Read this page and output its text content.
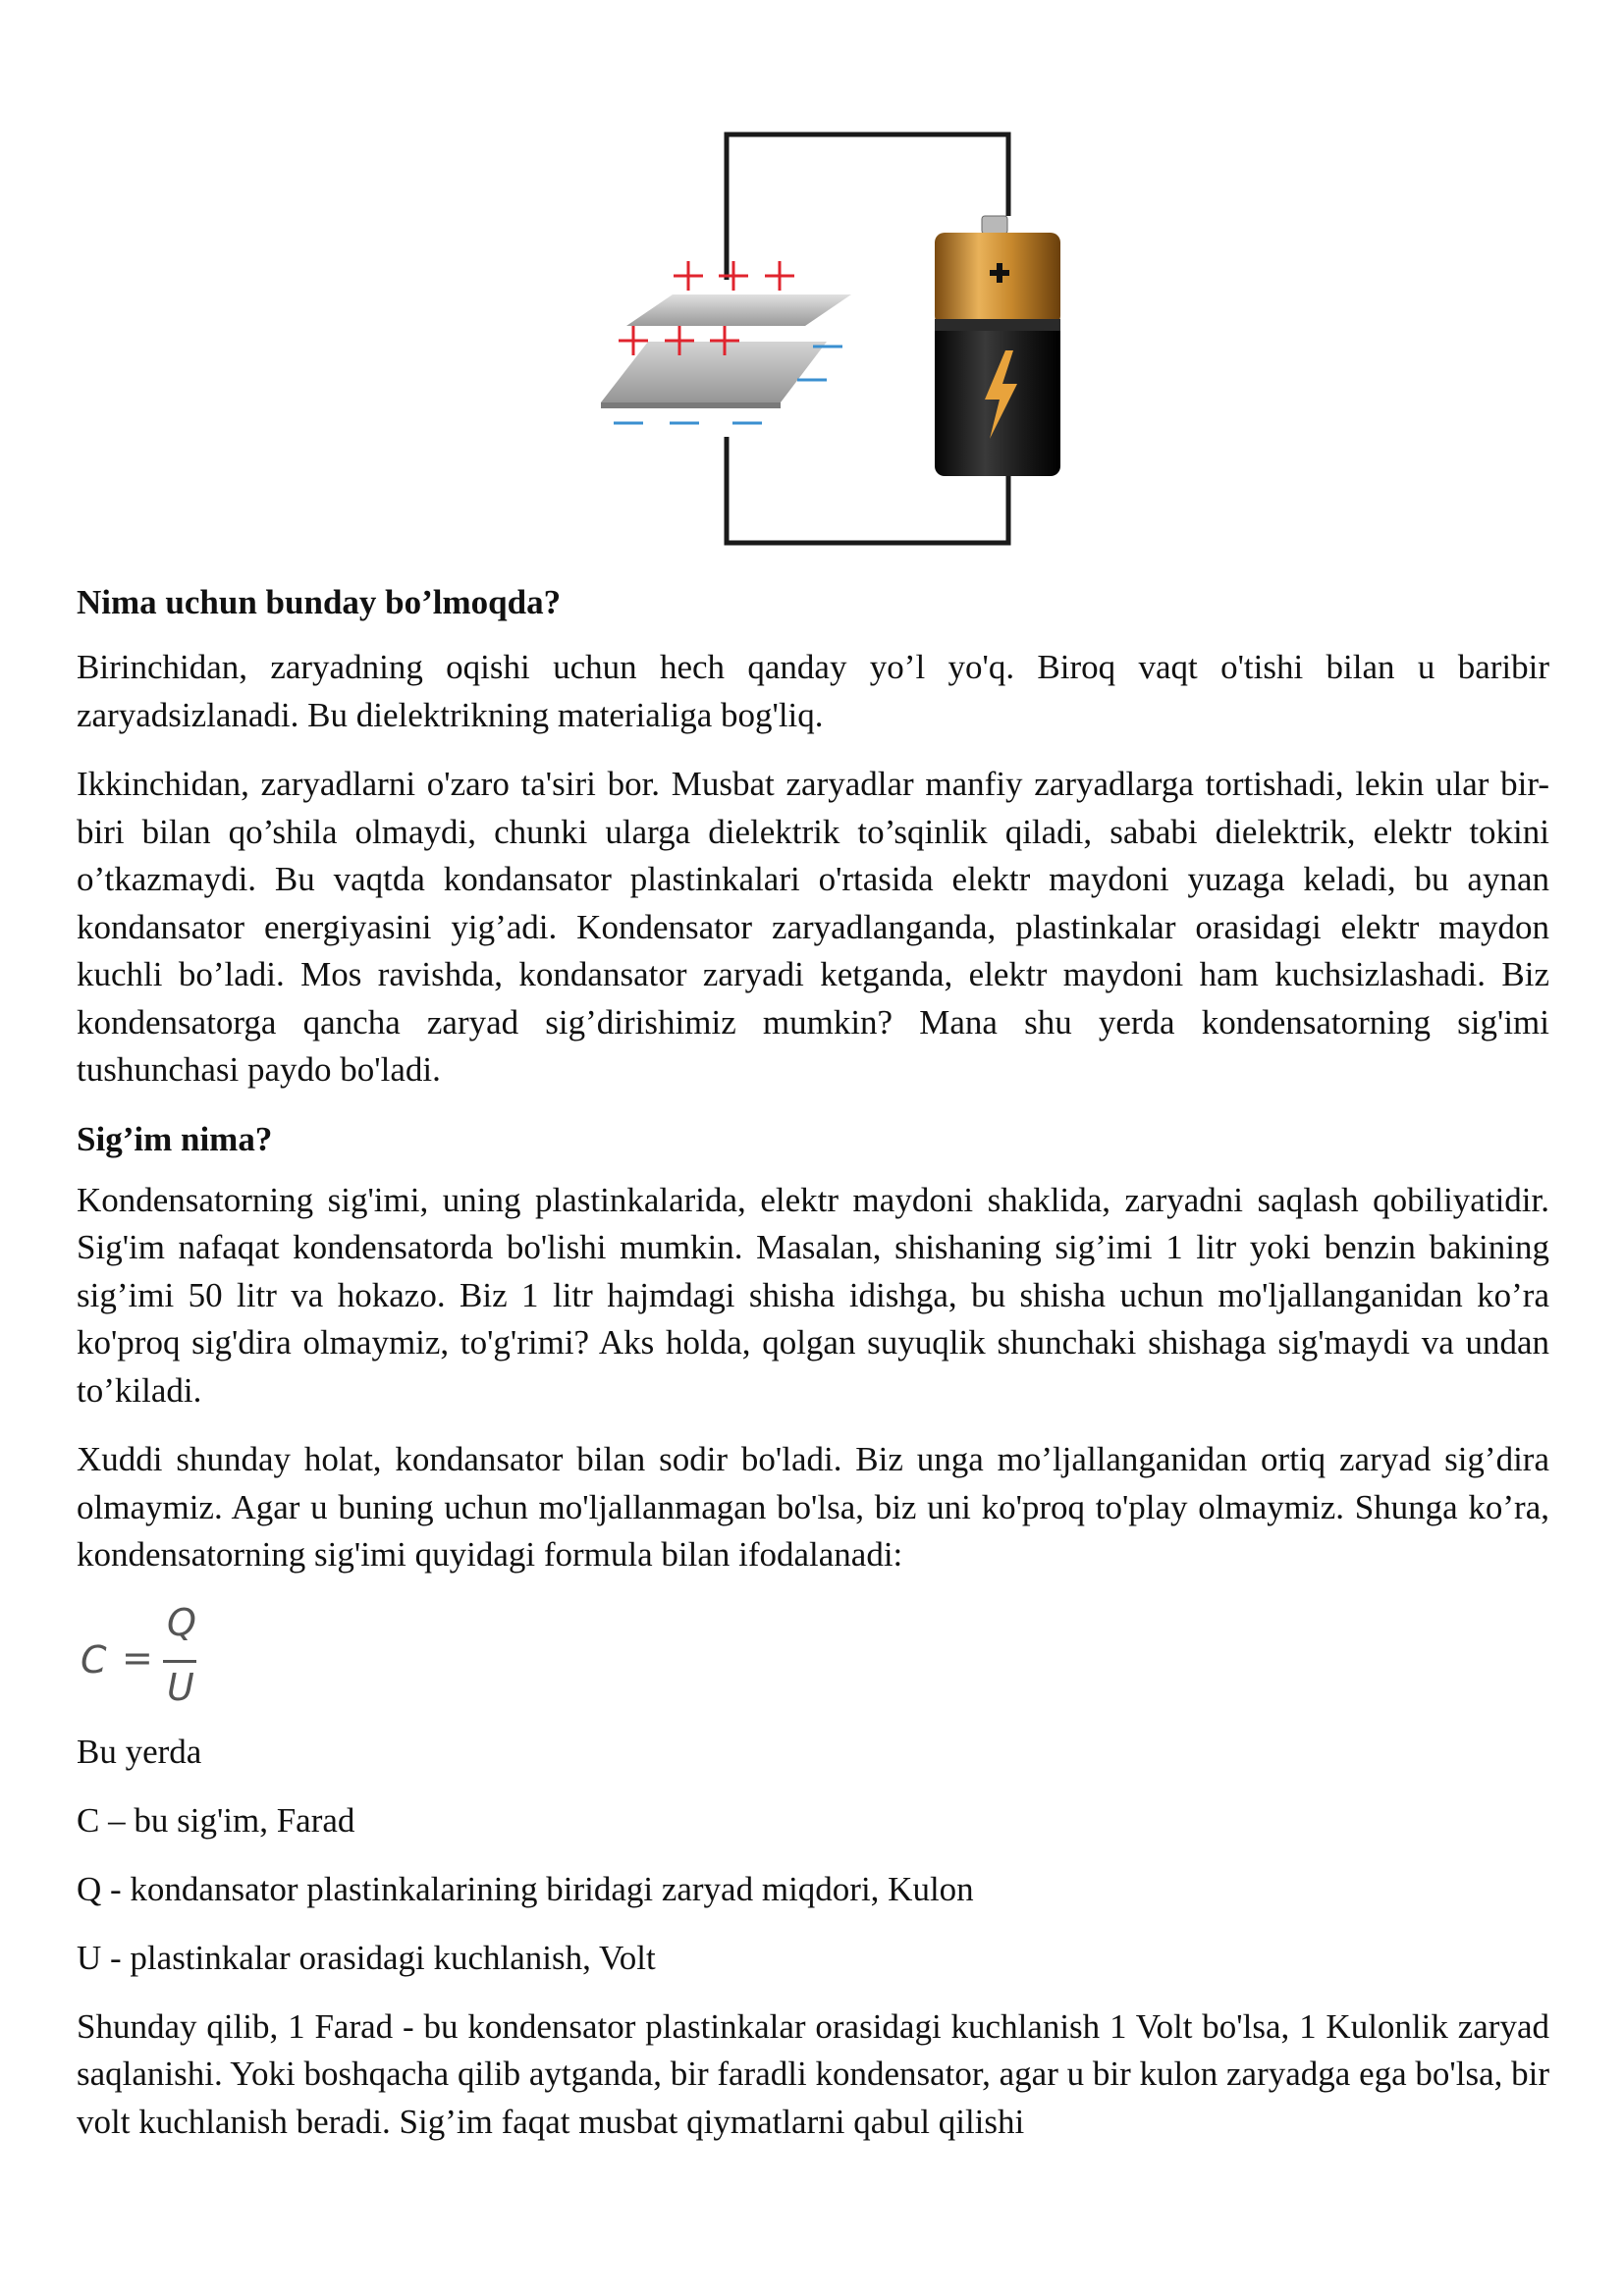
Nima uchun bunday bo’lmoqda?

Birinchidan, zaryadning oqishi uchun hech qanday yo’l yo'q. Biroq vaqt o'tishi bilan u baribir zaryadsizlanadi. Bu dielektrikning materialiga bog'liq.

Ikkinchidan, zaryadlarni o'zaro ta'siri bor. Musbat zaryadlar manfiy zaryadlarga tortishadi, lekin ular bir-biri bilan qo’shila olmaydi, chunki ularga dielektrik to’sqinlik qiladi, sababi dielektrik, elektr tokini o’tkazmaydi. Bu vaqtda kondansator plastinkalari o'rtasida elektr maydoni yuzaga keladi, bu aynan kondansator energiyasini yig’adi. Kondensator zaryadlanganda, plastinkalar orasidagi elektr maydon kuchli bo’ladi. Mos ravishda, kondansator zaryadi ketganda, elektr maydoni ham kuchsizlashadi. Biz kondensatorga qancha zaryad sig’dirishimiz mumkin? Mana shu yerda kondensatorning sig'imi tushunchasi paydo bo'ladi.

Sig’im nima?

Kondensatorning sig'imi, uning plastinkalarida, elektr maydoni shaklida, zaryadni saqlash qobiliyatidir. Sig'im nafaqat kondensatorda bo'lishi mumkin. Masalan, shishaning sig’imi 1 litr yoki benzin bakining sig’imi 50 litr va hokazo. Biz 1 litr hajmdagi shisha idishga, bu shisha uchun mo'ljallanganidan ko’ra ko'proq sig'dira olmaymiz, to'g'rimi? Aks holda, qolgan suyuqlik shunchaki shishaga sig'maydi va undan to’kiladi.

Xuddi shunday holat, kondansator bilan sodir bo'ladi. Biz unga mo’ljallanganidan ortiq zaryad sig’dira olmaymiz. Agar u buning uchun mo'ljallanmagan bo'lsa, biz uni ko'proq to'play olmaymiz. Shunga ko’ra, kondensatorning sig'imi quyidagi formula bilan ifodalanadi:

C =
Q
U
Bu yerda
C – bu sig'im, Farad
Q - kondansator plastinkalarining biridagi zaryad miqdori, Kulon
U - plastinkalar orasidagi kuchlanish, Volt

Shunday qilib, 1 Farad - bu kondensator plastinkalar orasidagi kuchlanish 1 Volt bo'lsa, 1 Kulonlik zaryad saqlanishi. Yoki boshqacha qilib aytganda, bir faradli kondensator, agar u bir kulon zaryadga ega bo'lsa, bir volt kuchlanish beradi. Sig’im faqat musbat qiymatlarni qabul qilishi
